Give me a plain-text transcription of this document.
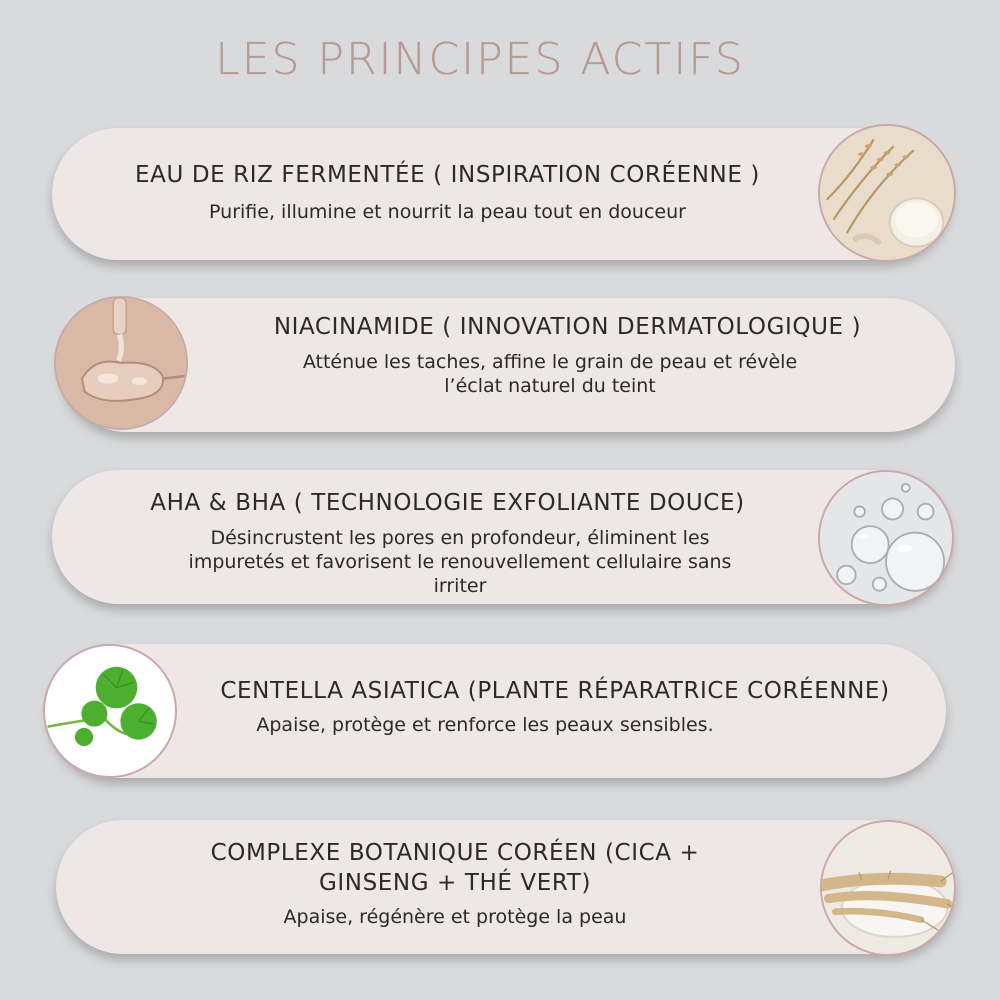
LES PRINCIPES ACTIFS
EAU DE RIZ FERMENTÉE ( INSPIRATION CORÉENNE )
Purifie, illumine et nourrit la peau tout en douceur
NIACINAMIDE ( INNOVATION DERMATOLOGIQUE )
Atténue les taches, affine le grain de peau et révèle
l’éclat naturel du teint
AHA & BHA ( TECHNOLOGIE EXFOLIANTE DOUCE)
Désincrustent les pores en profondeur, éliminent les
impuretés et favorisent le renouvellement cellulaire sans
irriter
CENTELLA ASIATICA (PLANTE RÉPARATRICE CORÉENNE)
Apaise, protège et renforce les peaux sensibles.
COMPLEXE BOTANIQUE CORÉEN (CICA +
GINSENG + THÉ VERT)
Apaise, régénère et protège la peau
